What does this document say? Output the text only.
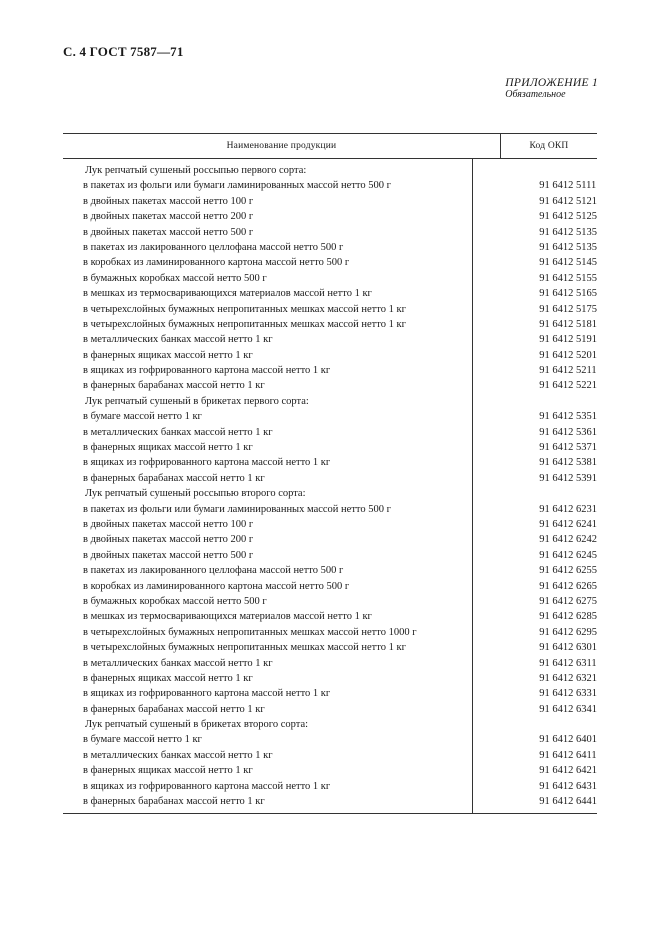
С. 4 ГОСТ 7587—71
ПРИЛОЖЕНИЕ 1
Обязательное
Наименование продукции	Код ОКП
Лук репчатый сушеный россыпью первого сорта:
в пакетах из фольги или бумаги ламинированных массой нетто 500 г
в двойных пакетах массой нетто 100 г
в двойных пакетах массой нетто 200 г
в двойных пакетах массой нетто 500 г
в пакетах из лакированного целлофана массой нетто 500 г
в коробках из ламинированного картона массой нетто 500 г
в бумажных коробках массой нетто 500 г
в мешках из термосваривающихся материалов массой нетто 1 кг
в четырехслойных бумажных непропитанных мешках массой нетто 1 кг
в четырехслойных бумажных непропитанных мешках массой нетто 1 кг
в металлических банках массой нетто 1 кг
в фанерных ящиках массой нетто 1 кг
в ящиках из гофрированного картона массой нетто 1 кг
в фанерных барабанах массой нетто 1 кг
Лук репчатый сушеный в брикетах первого сорта:
в бумаге массой нетто 1 кг
в металлических банках массой нетто 1 кг
в фанерных ящиках массой нетто 1 кг
в ящиках из гофрированного картона массой нетто 1 кг
в фанерных барабанах массой нетто 1 кг
Лук репчатый сушеный россыпью второго сорта:
в пакетах из фольги или бумаги ламинированных массой нетто 500 г
в двойных пакетах массой нетто 100 г
в двойных пакетах массой нетто 200 г
в двойных пакетах массой нетто 500 г
в пакетах из лакированного целлофана массой нетто 500 г
в коробках из ламинированного картона массой нетто 500 г
в бумажных коробках массой нетто 500 г
в мешках из термосваривающихся материалов массой нетто 1 кг
в четырехслойных бумажных непропитанных мешках массой нетто 1000 г
в четырехслойных бумажных непропитанных мешках массой нетто 1 кг
в металлических банках массой нетто 1 кг
в фанерных ящиках массой нетто 1 кг
в ящиках из гофрированного картона массой нетто 1 кг
в фанерных барабанах массой нетто 1 кг
Лук репчатый сушеный в брикетах второго сорта:
в бумаге массой нетто 1 кг
в металлических банках массой нетто 1 кг
в фанерных ящиках массой нетто 1 кг
в ящиках из гофрированного картона массой нетто 1 кг
в фанерных барабанах массой нетто 1 кг
91 6412 5111
91 6412 5121
91 6412 5125
91 6412 5135
91 6412 5135
91 6412 5145
91 6412 5155
91 6412 5165
91 6412 5175
91 6412 5181
91 6412 5191
91 6412 5201
91 6412 5211
91 6412 5221
91 6412 5351
91 6412 5361
91 6412 5371
91 6412 5381
91 6412 5391
91 6412 6231
91 6412 6241
91 6412 6242
91 6412 6245
91 6412 6255
91 6412 6265
91 6412 6275
91 6412 6285
91 6412 6295
91 6412 6301
91 6412 6311
91 6412 6321
91 6412 6331
91 6412 6341
91 6412 6401
91 6412 6411
91 6412 6421
91 6412 6431
91 6412 6441
